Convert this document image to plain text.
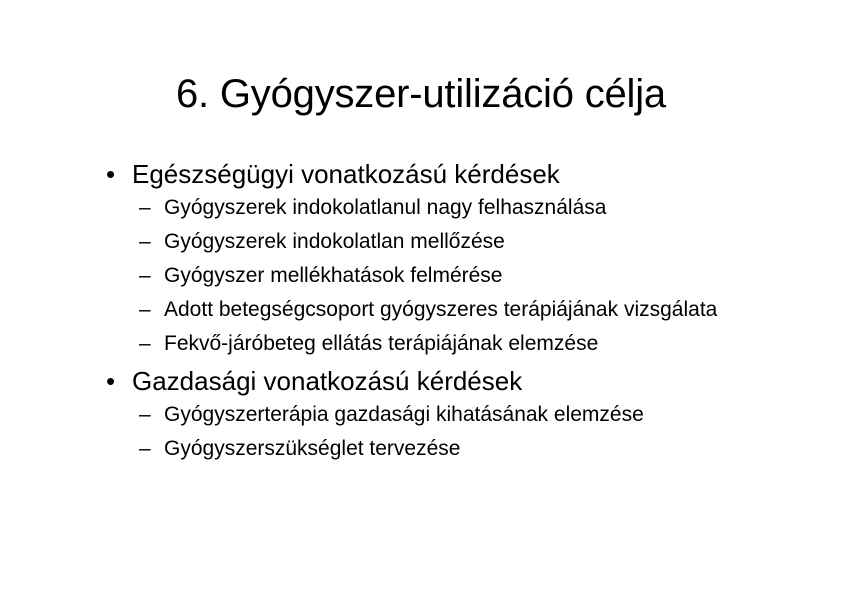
6. Gyógyszer-utilizáció célja
• Egészségügyi vonatkozású kérdések
– Gyógyszerek indokolatlanul nagy felhasználása
– Gyógyszerek indokolatlan mellőzése
– Gyógyszer mellékhatások felmérése
– Adott betegségcsoport gyógyszeres terápiájának vizsgálata
– Fekvő-járóbeteg ellátás terápiájának elemzése
• Gazdasági vonatkozású kérdések
– Gyógyszerterápia gazdasági kihatásának elemzése
– Gyógyszerszükséglet tervezése
